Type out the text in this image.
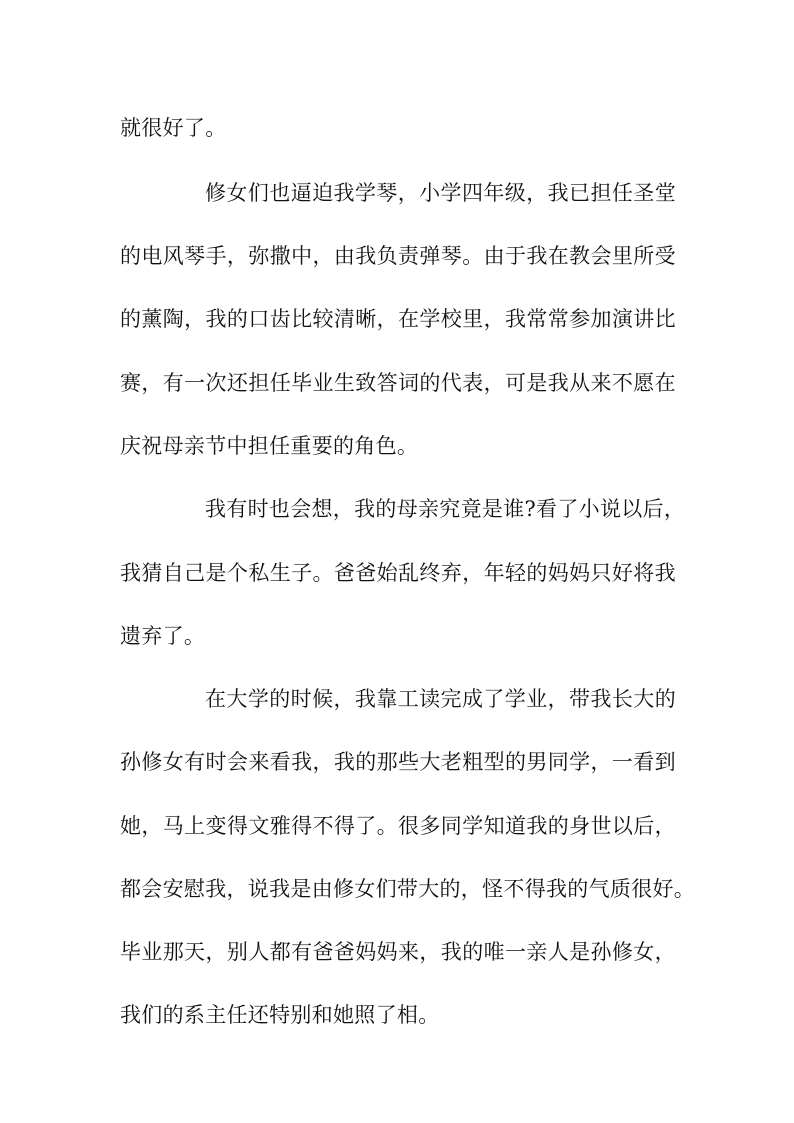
就很好了。
修女们也逼迫我学琴，小学四年级，我已担任圣堂
的电风琴手，弥撒中，由我负责弹琴。由于我在教会里所受
的薰陶，我的口齿比较清晰，在学校里，我常常参加演讲比
赛，有一次还担任毕业生致答词的代表，可是我从来不愿在
庆祝母亲节中担任重要的角色。
我有时也会想，我的母亲究竟是谁?看了小说以后，
我猜自己是个私生子。爸爸始乱终弃，年轻的妈妈只好将我
遗弃了。
在大学的时候，我靠工读完成了学业，带我长大的
孙修女有时会来看我，我的那些大老粗型的男同学，一看到
她，马上变得文雅得不得了。很多同学知道我的身世以后，
都会安慰我，说我是由修女们带大的，怪不得我的气质很好。
毕业那天，别人都有爸爸妈妈来，我的唯一亲人是孙修女，
我们的系主任还特别和她照了相。
